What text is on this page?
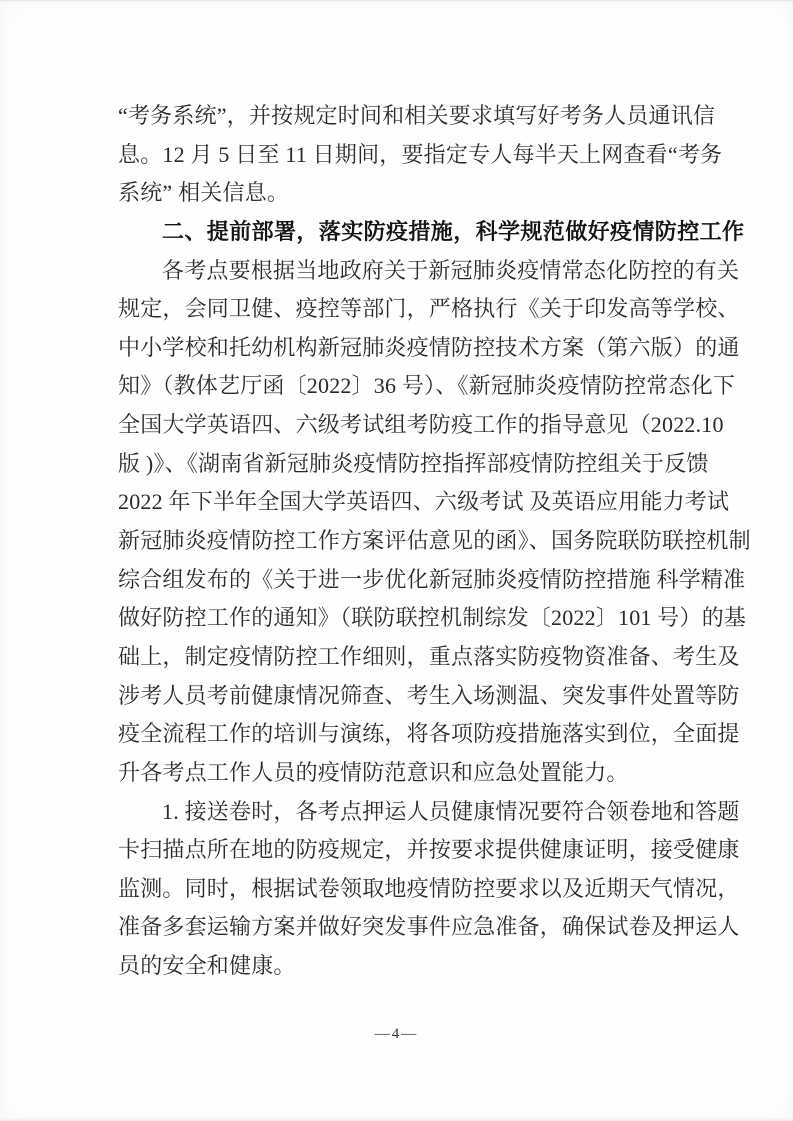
“考务系统”，并按规定时间和相关要求填写好考务人员通讯信
息。12 月 5 日至 11 日期间，要指定专人每半天上网查看“考务
系统” 相关信息。
二、提前部署，落实防疫措施，科学规范做好疫情防控工作
各考点要根据当地政府关于新冠肺炎疫情常态化防控的有关
规定，会同卫健、疫控等部门，严格执行《关于印发高等学校、
中小学校和托幼机构新冠肺炎疫情防控技术方案（第六版）的通
知》（教体艺厅函〔2022〕36 号）、《新冠肺炎疫情防控常态化下
全国大学英语四、六级考试组考防疫工作的指导意见（2022.10
版 )》、《湖南省新冠肺炎疫情防控指挥部疫情防控组关于反馈
2022 年下半年全国大学英语四、六级考试 及英语应用能力考试
新冠肺炎疫情防控工作方案评估意见的函》、国务院联防联控机制
综合组发布的《关于进一步优化新冠肺炎疫情防控措施 科学精准
做好防控工作的通知》（联防联控机制综发〔2022〕101 号）的基
础上，制定疫情防控工作细则，重点落实防疫物资准备、考生及
涉考人员考前健康情况筛查、考生入场测温、突发事件处置等防
疫全流程工作的培训与演练，将各项防疫措施落实到位，全面提
升各考点工作人员的疫情防范意识和应急处置能力。
1. 接送卷时，各考点押运人员健康情况要符合领卷地和答题
卡扫描点所在地的防疫规定，并按要求提供健康证明，接受健康
监测。同时，根据试卷领取地疫情防控要求以及近期天气情况，
准备多套运输方案并做好突发事件应急准备，确保试卷及押运人
员的安全和健康。
—4—
